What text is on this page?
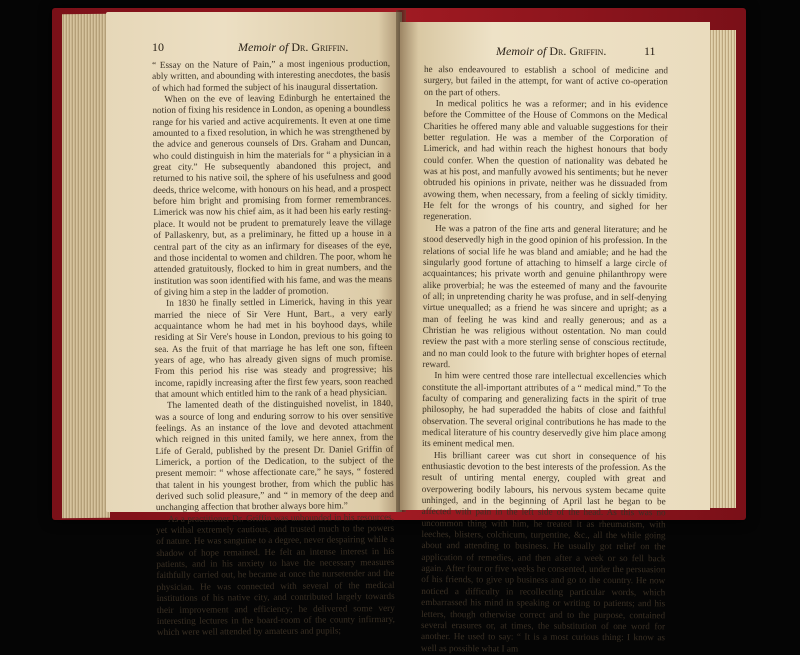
10	Memoir of Dr. Griffin.

“ Essay on the Nature of Pain,” a most ingenious production, ably written, and abounding with interesting anecdotes, the basis of which had formed the subject of his inaugural dissertation.

When on the eve of leaving Edinburgh he entertained the notion of fixing his residence in London, as opening a boundless range for his varied and active acquirements. It even at one time amounted to a fixed resolution, in which he was strengthened by the advice and generous counsels of Drs. Graham and Duncan, who could distinguish in him the materials for “ a physician in a great city.” He subsequently abandoned this project, and returned to his native soil, the sphere of his usefulness and good deeds, thrice welcome, with honours on his head, and a prospect before him bright and promising from former remembrances. Limerick was now his chief aim, as it had been his early resting-place. It would not be prudent to prematurely leave the village of Pallaskenry, but, as a preliminary, he fitted up a house in a central part of the city as an infirmary for diseases of the eye, and those incidental to women and children. The poor, whom he attended gratuitously, flocked to him in great numbers, and the institution was soon identified with his fame, and was the means of giving him a step in the ladder of promotion.

In 1830 he finally settled in Limerick, having in this year married the niece of Sir Vere Hunt, Bart., a very early acquaintance whom he had met in his boyhood days, while residing at Sir Vere's house in London, previous to his going to sea. As the fruit of that marriage he has left one son, fifteen years of age, who has already given signs of much promise. From this period his rise was steady and progressive; his income, rapidly increasing after the first few years, soon reached that amount which entitled him to the rank of a head physician.

The lamented death of the distinguished novelist, in 1840, was a source of long and enduring sorrow to his over sensitive feelings. As an instance of the love and devoted attachment which reigned in this united family, we here annex, from the Life of Gerald, published by the present Dr. Daniel Griffin of Limerick, a portion of the Dedication, to the subject of the present memoir: “ whose affectionate care,” he says, “ fostered that talent in his youngest brother, from which the public has derived such solid pleasure,” and “ in memory of the deep and unchanging affection that brother always bore him.”

As a practitioner Dr. Griffin was unbounded in his resources, yet withal extremely cautious, and trusted much to the powers of nature. He was sanguine to a degree, never despairing while a shadow of hope remained. He felt an intense interest in his patients, and in his anxiety to have the necessary measures faithfully carried out, he became at once the nursetender and the physician. He was connected with several of the medical institutions of his native city, and contributed largely towards their improvement and efficiency; he delivered some very interesting lectures in the board-room of the county infirmary, which were well attended by amateurs and pupils;

Memoir of Dr. Griffin.	11

he also endeavoured to establish a school of medicine and surgery, but failed in the attempt, for want of active co-operation on the part of others.

In medical politics he was a reformer; and in his evidence before the Committee of the House of Commons on the Medical Charities he offered many able and valuable suggestions for their better regulation. He was a member of the Corporation of Limerick, and had within reach the highest honours that body could confer. When the question of nationality was debated he was at his post, and manfully avowed his sentiments; but he never obtruded his opinions in private, neither was he dissuaded from avowing them, when necessary, from a feeling of sickly timidity. He felt for the wrongs of his country, and sighed for her regeneration.

He was a patron of the fine arts and general literature; and he stood deservedly high in the good opinion of his profession. In the relations of social life he was bland and amiable; and he had the singularly good fortune of attaching to himself a large circle of acquaintances; his private worth and genuine philanthropy were alike proverbial; he was the esteemed of many and the favourite of all; in unpretending charity he was profuse, and in self-denying virtue unequalled; as a friend he was sincere and upright; as a man of feeling he was kind and really generous; and as a Christian he was religious without ostentation. No man could review the past with a more sterling sense of conscious rectitude, and no man could look to the future with brighter hopes of eternal reward.

In him were centred those rare intellectual excellencies which constitute the all-important attributes of a “ medical mind.” To the faculty of comparing and generalizing facts in the spirit of true philosophy, he had superadded the habits of close and faithful observation. The several original contributions he has made to the medical literature of his country deservedly give him place among its eminent medical men.

His brilliant career was cut short in consequence of his enthusiastic devotion to the best interests of the profession. As the result of untiring mental energy, coupled with great and overpowering bodily labours, his nervous system became quite unhinged, and in the beginning of April last he began to be affected with pain in the left side of the head. As this was no uncommon thing with him, he treated it as rheumatism, with leeches, blisters, colchicum, turpentine, &c., all the while going about and attending to business. He usually got relief on the application of remedies, and then after a week or so fell back again. After four or five weeks he consented, under the persuasion of his friends, to give up business and go to the country. He now noticed a difficulty in recollecting particular words, which embarrassed his mind in speaking or writing to patients; and his letters, though otherwise correct and to the purpose, contained several erasures or, at times, the substitution of one word for another. He used to say: “ It is a most curious thing: I know as well as possible what I am
